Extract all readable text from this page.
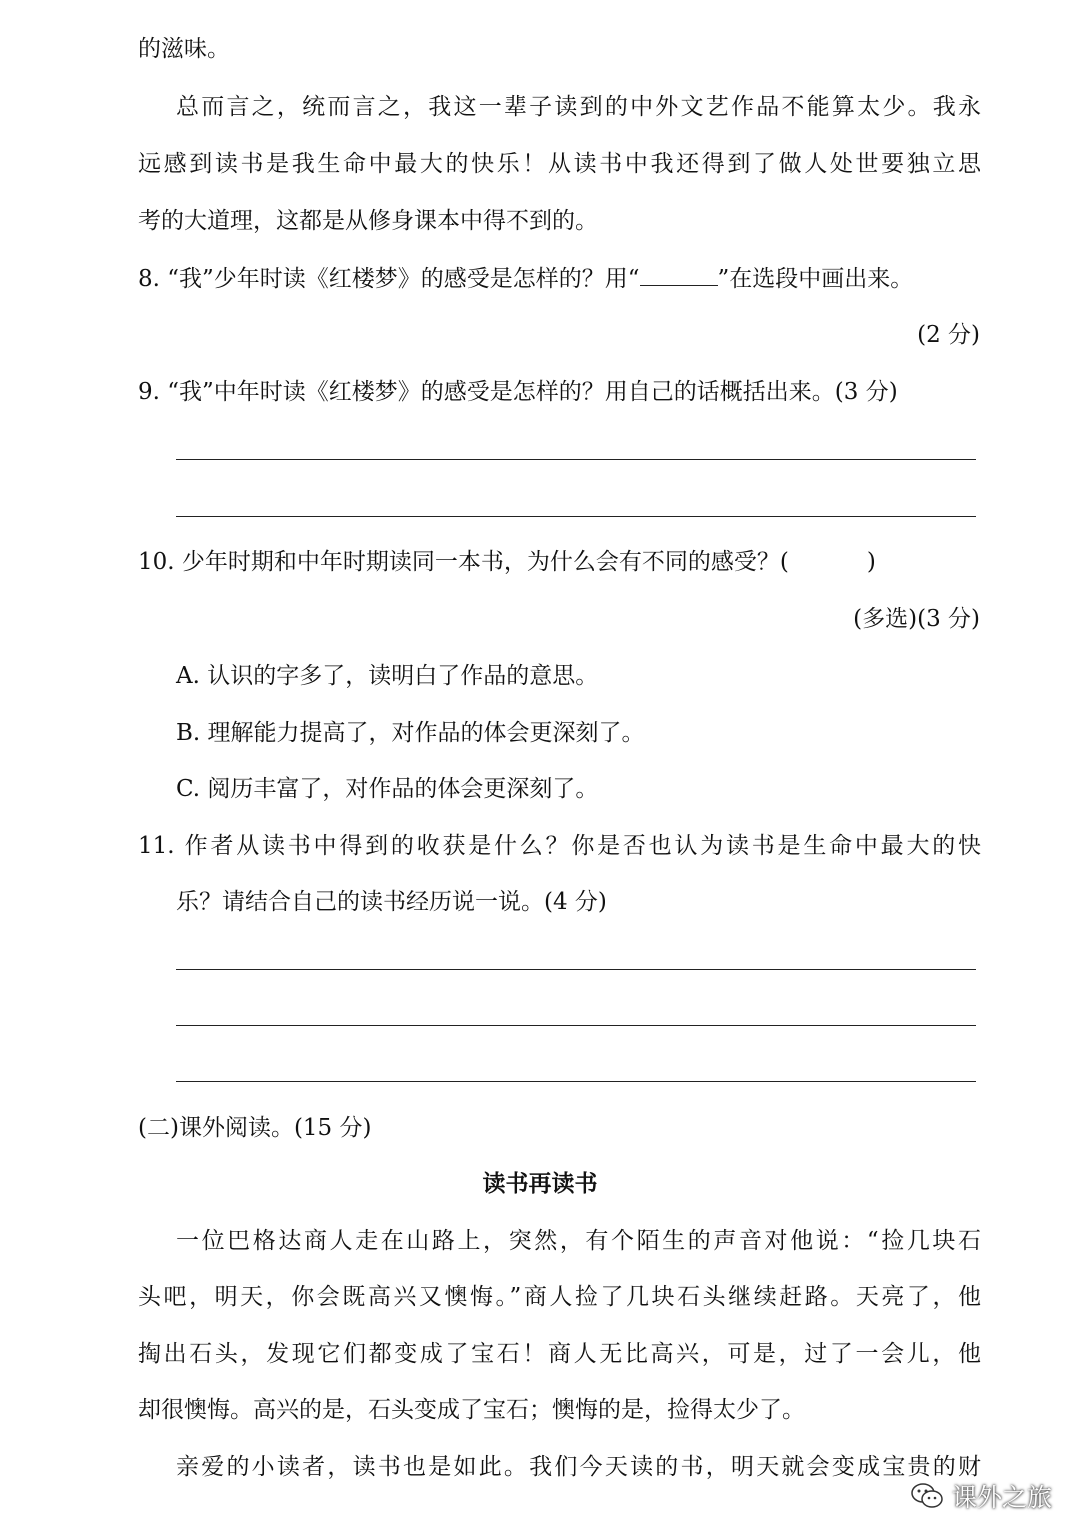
的滋味。
总而言之，统而言之，我这一辈子读到的中外文艺作品不能算太少。我永
远感到读书是我生命中最大的快乐！从读书中我还得到了做人处世要独立思
考的大道理，这都是从修身课本中得不到的。
8. “我”少年时读《红楼梦》的感受是怎样的？用“	”在选段中画出来。
(2 分)
9. “我”中年时读《红楼梦》的感受是怎样的？用自己的话概括出来。(3 分)
10. 少年时期和中年时期读同一本书，为什么会有不同的感受？(	)
(多选)(3 分)
A. 认识的字多了，读明白了作品的意思。
B. 理解能力提高了，对作品的体会更深刻了。
C. 阅历丰富了，对作品的体会更深刻了。
11. 作者从读书中得到的收获是什么？你是否也认为读书是生命中最大的快
乐？请结合自己的读书经历说一说。(4 分)
(二)课外阅读。(15 分)
读书再读书
一位巴格达商人走在山路上，突然，有个陌生的声音对他说：“捡几块石
头吧，明天，你会既高兴又懊悔。”商人捡了几块石头继续赶路。天亮了，他
掏出石头，发现它们都变成了宝石！商人无比高兴，可是，过了一会儿，他
却很懊悔。高兴的是，石头变成了宝石；懊悔的是，捡得太少了。
亲爱的小读者，读书也是如此。我们今天读的书，明天就会变成宝贵的财
课外之旅
